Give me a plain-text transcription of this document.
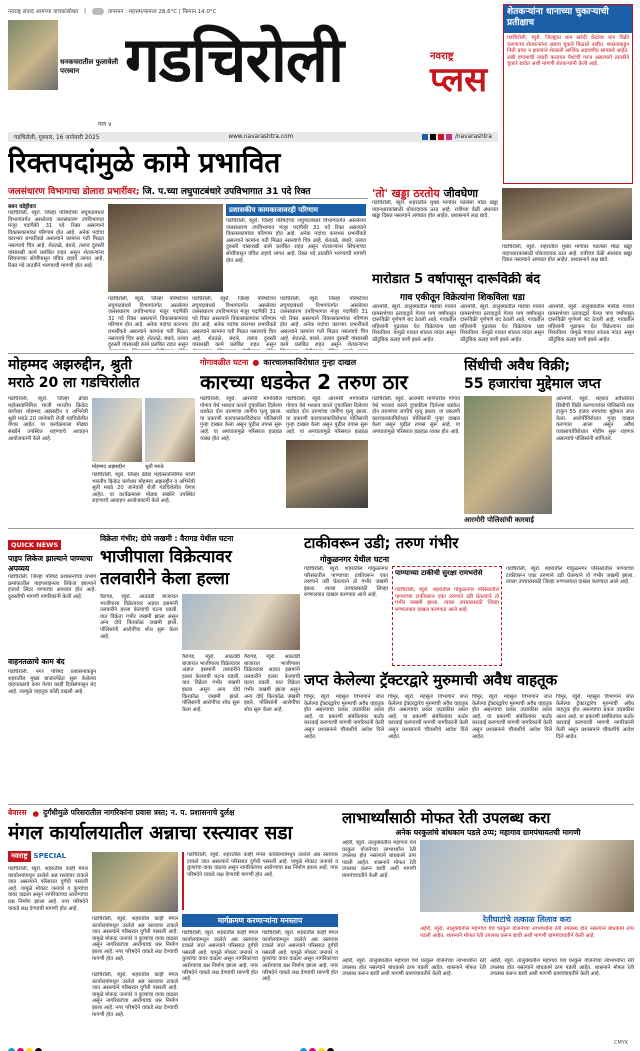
नवराष्ट्र संवाद आमच्या वाचकांसोबत |	तापमान : महत्तम/कमाल 28.6°C | किमान 14.0°C
धनकचरातील फुलावेली परस्वान गडचिरोली	नवराष्ट्र
प्लस
पान ४
शेतकऱ्यांना धानाच्या चुकाऱ्याची प्रतीक्षाच
गडचिरोली, ब्युरो. जिल्ह्यात धान खरेदी केंद्रांवर धान विक्री करणाऱ्या शेतकऱ्यांना अद्याप चुकारे मिळाले नाहीत. शासनाकडून निधी प्राप्त न झाल्याने शेतकरी आर्थिक अडचणीत सापडले आहेत. रब्बी हंगामाची तयारी करताना पैशांची गरज असल्याने तातडीने चुकारे द्यावेत अशी मागणी शेतकऱ्यांनी केली आहे.
गडचिरोली, गुरुवार, 16 जानेवारी 2025	www.navarashtra.com	/navarashtra
रिक्तपदांमुळे कामे प्रभावित
जलसंधारण विभागाचा डोलारा प्रभारींवर;
जि. प.च्या लघुपाटबंधारे उपविभागात 31 पदे रिक्त
बबन वडेट्टीवार
गडचिरोली, ब्युरो. जिल्हा परिषदेच्या लघुपाटबंधारे विभागांतर्गत असलेल्या जलसंधारण उपविभागात मंजूर पदांपैकी 31 पदे रिक्त असल्याने विकासकामांवर परिणाम होत आहे. अनेक पदांचा कारभार प्रभारींकडे असल्याने कामांना गती मिळत नसल्याचे चित्र आहे. शेततळे, बंधारे, तलाव दुरुस्ती यांसारखी कामे प्रलंबित राहत असून शेतकऱ्यांना सिंचनाच्या सोयींपासून वंचित राहावे लागत आहे. रिक्त पदे तातडीने भरण्याची मागणी होत आहे.
प्रशासकीय कामकाजावरही परिणाम
गडचिरोली, ब्युरो. जिल्हा परिषदेच्या लघुपाटबंधारे विभागांतर्गत असलेल्या जलसंधारण उपविभागात मंजूर पदांपैकी 31 पदे रिक्त असल्याने विकासकामांवर परिणाम होत आहे. अनेक पदांचा कारभार प्रभारींकडे असल्याने कामांना गती मिळत नसल्याचे चित्र आहे. शेततळे, बंधारे, तलाव दुरुस्ती यांसारखी कामे प्रलंबित राहत असून शेतकऱ्यांना सिंचनाच्या सोयींपासून वंचित राहावे लागत आहे. रिक्त पदे तातडीने भरण्याची मागणी होत आहे.
गडचिरोली, ब्युरो. जिल्हा परिषदेच्या लघुपाटबंधारे विभागांतर्गत असलेल्या जलसंधारण उपविभागात मंजूर पदांपैकी 31 पदे रिक्त असल्याने विकासकामांवर परिणाम होत आहे. अनेक पदांचा कारभार प्रभारींकडे असल्याने कामांना गती मिळत नसल्याचे चित्र आहे. शेततळे, बंधारे, तलाव दुरुस्ती यांसारखी कामे प्रलंबित राहत असून
गडचिरोली, ब्युरो. जिल्हा परिषदेच्या लघुपाटबंधारे विभागांतर्गत असलेल्या जलसंधारण उपविभागात मंजूर पदांपैकी 31 पदे रिक्त असल्याने विकासकामांवर परिणाम होत आहे. अनेक पदांचा कारभार प्रभारींकडे असल्याने कामांना गती मिळत नसल्याचे चित्र आहे. शेततळे, बंधारे, तलाव दुरुस्ती यांसारखी कामे प्रलंबित राहत असून
गडचिरोली, ब्युरो. जिल्हा परिषदेच्या लघुपाटबंधारे विभागांतर्गत असलेल्या जलसंधारण उपविभागात मंजूर पदांपैकी 31 पदे रिक्त असल्याने विकासकामांवर परिणाम होत आहे. अनेक पदांचा कारभार प्रभारींकडे असल्याने कामांना गती मिळत नसल्याचे चित्र आहे. शेततळे, बंधारे, तलाव दुरुस्ती यांसारखी कामे प्रलंबित राहत असून शेतकऱ्यांना
'तो' खड्डा ठरतोय
जीवघेणा
गडचिरोली, ब्युरो. शहरातील मुख्य मार्गावर पडलेला मोठा खड्डा वाहनधारकांसाठी धोकादायक ठरत आहे. रात्रीच्या वेळी अंधारात खड्डा दिसत नसल्याने अपघात होत आहेत. प्रशासनाने लक्ष द्यावे.
गडचिरोली, ब्युरो. शहरातील मुख्य मार्गावर पडलेला मोठा खड्डा वाहनधारकांसाठी धोकादायक ठरत आहे. रात्रीच्या वेळी अंधारात खड्डा दिसत नसल्याने अपघात होत आहेत. प्रशासनाने लक्ष द्यावे.
मारोडात 5 वर्षापासून दारूविक्री बंद
गाव एकीतून विक्रेत्यांना शिकविला धडा
आरमोरी, ब्युरो. तालुक्यातील मारोडा गावाने ग्रामसभेच्या ठरावाद्वारे गेल्या पाच वर्षांपासून दारूविक्री पूर्णपणे बंद ठेवली आहे. गावातील महिलांनी पुढाकार घेत विक्रेत्यांना धडा शिकविला. यामुळे गावात शांतता नांदत असून कौटुंबिक कलह कमी झाले आहेत.
आरमोरी, ब्युरो. तालुक्यातील मारोडा गावाने ग्रामसभेच्या ठरावाद्वारे गेल्या पाच वर्षांपासून दारूविक्री पूर्णपणे बंद ठेवली आहे. गावातील महिलांनी पुढाकार घेत विक्रेत्यांना धडा शिकविला. यामुळे गावात शांतता नांदत असून कौटुंबिक कलह कमी झाले आहेत.
आरमोरी, ब्युरो. तालुक्यातील मारोडा गावाने ग्रामसभेच्या ठरावाद्वारे गेल्या पाच वर्षांपासून दारूविक्री पूर्णपणे बंद ठेवली आहे. गावातील महिलांनी पुढाकार घेत विक्रेत्यांना धडा शिकविला. यामुळे गावात शांतता नांदत असून कौटुंबिक कलह कमी झाले आहेत.
मोहम्मद अझरुद्दीन, श्रुती
मराठे 20 ला गडचिरोलीत
गडचिरोली, ब्युरो. जिल्हा क्रीडा महोत्सवानिमित्त माजी भारतीय क्रिकेट कर्णधार मोहम्मद अझरुद्दीन व अभिनेत्री श्रुती मराठे 20 जानेवारी रोजी गडचिरोलीत येणार आहेत. या कार्यक्रमाला मोठ्या संख्येने उपस्थित राहण्याचे आवाहन आयोजकांनी केले आहे.
मोहम्मद अझरुद्दीन	श्रुती मराठे
गडचिरोली, ब्युरो. जिल्हा क्रीडा महोत्सवानिमित्त माजी भारतीय क्रिकेट कर्णधार मोहम्मद अझरुद्दीन व अभिनेत्री श्रुती मराठे 20 जानेवारी रोजी गडचिरोलीत येणार आहेत. या कार्यक्रमाला मोठ्या संख्येने उपस्थित राहण्याचे आवाहन आयोजकांनी केले आहे.
गोगावळीत घटना ● कारचालकाविरोधात गुन्हा दाखल
कारच्या धडकेत 2 तरुण ठार
गडचिरोली, ब्युरो. आरमोरी मार्गावरील गोगाव येथे भरधाव कारने दुचाकीला दिलेल्या धडकेत दोन तरुणांचा जागीच मृत्यू झाला. या प्रकरणी कारचालकाविरोधात पोलिसांनी गुन्हा दाखल केला असून पुढील तपास सुरू आहे. या अपघातामुळे परिसरात हळहळ व्यक्त होत आहे.
गडचिरोली, ब्युरो. आरमोरी मार्गावरील गोगाव येथे भरधाव कारने दुचाकीला दिलेल्या धडकेत दोन तरुणांचा जागीच मृत्यू झाला. या प्रकरणी कारचालकाविरोधात पोलिसांनी गुन्हा दाखल केला असून पुढील तपास सुरू आहे. या अपघातामुळे परिसरात हळहळ
गडचिरोली, ब्युरो. आरमोरी मार्गावरील गोगाव येथे भरधाव कारने दुचाकीला दिलेल्या धडकेत दोन तरुणांचा जागीच मृत्यू झाला. या प्रकरणी कारचालकाविरोधात पोलिसांनी गुन्हा दाखल केला असून पुढील तपास सुरू आहे. या अपघातामुळे परिसरात हळहळ व्यक्त होत आहे.
सिंधीची अवैध विक्री;
55 हजारांचा मुद्देमाल जप्त
आरमोरी पोलिसांची कारवाई
आरमोरी, ब्युरो. शहरात अवैधरीत्या सिंधीची विक्री करणाऱ्यांवर पोलिसांनी धाड टाकून 55 हजार रुपयांचा मुद्देमाल जप्त केला. आरोपींविरोधात गुन्हा दाखल करण्यात आला असून अवैध व्यवसायांविरोधात मोहीम सुरू राहणार असल्याचे पोलिसांनी सांगितले.
QUICK NEWS
पाइप लिकेज झाल्याने पाण्याचा अपव्यय
गडचिरोली. जिल्हा परिषद प्रशासनाच्या प्रभाग क्रमांकातील पाइपलाइनला लिकेज झाल्याने हजारो लिटर पाण्याचा अपव्यय होत आहे. दुरुस्तीची मागणी नागरिकांनी केली आहे.
वाहनतळाचे काम बंद
गडचिरोली. नगर परिषद प्रशासनाकडून शहरातील मुख्य बाजारपेठेत सुरू केलेल्या वाहनतळाचे काम गेल्या काही दिवसांपासून बंद आहे. त्यामुळे वाहतूक कोंडी वाढली आहे.
विक्रेता गंभीर; दोघे जखमी : वैरागड येथील घटना
भाजीपाला विक्रेत्यावर
तलवारीने केला हल्ला
वैरागड, ब्युरो. आठवडी बाजारात भाजीपाला विक्रेत्यावर अज्ञात इसमांनी तलवारीने हल्ला केल्याची घटना घडली. यात विक्रेता गंभीर जखमी झाला असून अन्य दोघे किरकोळ जखमी झाले. पोलिसांनी आरोपींचा शोध सुरू केला आहे.
वैरागड, ब्युरो. आठवडी बाजारात भाजीपाला विक्रेत्यावर अज्ञात इसमांनी तलवारीने हल्ला केल्याची घटना घडली. यात विक्रेता गंभीर जखमी झाला असून अन्य दोघे किरकोळ जखमी झाले. पोलिसांनी आरोपींचा शोध सुरू केला आहे.
वैरागड, ब्युरो. आठवडी बाजारात भाजीपाला विक्रेत्यावर अज्ञात इसमांनी तलवारीने हल्ला केल्याची घटना घडली. यात विक्रेता गंभीर जखमी झाला असून अन्य दोघे किरकोळ जखमी झाले. पोलिसांनी आरोपींचा शोध सुरू केला आहे.
टाकीवरून उडी; तरुण गंभीर
गोकुळनगर येथील घटना
गडचिरोली, ब्युरो. शहरातील गोकुळनगर परिसरातील पाण्याच्या टाकीवरून एका तरुणाने उडी घेतल्याने तो गंभीर जखमी झाला. त्याला उपचारासाठी जिल्हा रुग्णालयात दाखल करण्यात आले आहे.
पाण्याच्या टाकीची सुरक्षा रामभरोसे
गडचिरोली, ब्युरो. शहरातील गोकुळनगर परिसरातील पाण्याच्या टाकीवरून एका तरुणाने उडी घेतल्याने तो गंभीर जखमी झाला. त्याला उपचारासाठी जिल्हा रुग्णालयात दाखल करण्यात आले आहे.
गडचिरोली, ब्युरो. शहरातील गोकुळनगर परिसरातील पाण्याच्या टाकीवरून एका तरुणाने उडी घेतल्याने तो गंभीर जखमी झाला. त्याला उपचारासाठी जिल्हा रुग्णालयात दाखल करण्यात आले आहे.
जप्त केलेल्या ट्रॅक्टरद्वारे मुरुमाची अवैध वाहतूक
चिमूर, ब्युरो. महसूल विभागाने जप्त केलेल्या ट्रॅक्टरद्वारेच मुरुमाची अवैध वाहतूक होत असल्याचा प्रकार उघडकीस आला आहे. या प्रकरणी संबंधितांवर कठोर कारवाई करण्याची मागणी नागरिकांनी केली असून प्रशासनाने चौकशीचे आदेश दिले आहेत.
चिमूर, ब्युरो. महसूल विभागाने जप्त केलेल्या ट्रॅक्टरद्वारेच मुरुमाची अवैध वाहतूक होत असल्याचा प्रकार उघडकीस आला आहे. या प्रकरणी संबंधितांवर कठोर कारवाई करण्याची मागणी नागरिकांनी केली असून प्रशासनाने चौकशीचे आदेश दिले आहेत.
चिमूर, ब्युरो. महसूल विभागाने जप्त केलेल्या ट्रॅक्टरद्वारेच मुरुमाची अवैध वाहतूक होत असल्याचा प्रकार उघडकीस आला आहे. या प्रकरणी संबंधितांवर कठोर कारवाई करण्याची मागणी नागरिकांनी केली असून प्रशासनाने चौकशीचे आदेश दिले आहेत.
चिमूर, ब्युरो. महसूल विभागाने जप्त केलेल्या ट्रॅक्टरद्वारेच मुरुमाची अवैध वाहतूक होत असल्याचा प्रकार उघडकीस आला आहे. या प्रकरणी संबंधितांवर कठोर कारवाई करण्याची मागणी नागरिकांनी केली असून प्रशासनाने चौकशीचे आदेश दिले आहेत.
बेवारस ● दुर्गंधीमुळे परिसरातील नागरिकांना प्रवास त्रस्त; न. प. प्रशासनाचे दुर्लक्ष
मंगल कार्यालयातील अन्नाचा रस्त्यावर सडा
नवराष्ट्र SPECIAL
गडचिरोली, ब्युरो. शहरातील काही मंगल कार्यालयांमधून उरलेले अन्न रस्त्यावर टाकले जात असल्याने परिसरात दुर्गंधी पसरली आहे. यामुळे मोकाट जनावरे व कुत्र्यांचा वावर वाढला असून नागरिकांच्या आरोग्याचा प्रश्न निर्माण झाला आहे. नगर परिषदेने याकडे लक्ष देण्याची मागणी होत आहे.
गडचिरोली, ब्युरो. शहरातील काही मंगल कार्यालयांमधून उरलेले अन्न रस्त्यावर टाकले जात असल्याने परिसरात दुर्गंधी पसरली आहे. यामुळे मोकाट जनावरे व कुत्र्यांचा वावर वाढला असून नागरिकांच्या आरोग्याचा प्रश्न निर्माण झाला आहे. नगर परिषदेने याकडे लक्ष देण्याची मागणी होत आहे.
गडचिरोली, ब्युरो. शहरातील काही मंगल कार्यालयांमधून उरलेले अन्न रस्त्यावर टाकले जात असल्याने परिसरात दुर्गंधी पसरली आहे. यामुळे मोकाट जनावरे व कुत्र्यांचा वावर वाढला असून नागरिकांच्या आरोग्याचा प्रश्न निर्माण झाला आहे. नगर परिषदेने याकडे लक्ष देण्याची मागणी होत आहे.
मार्गक्रमण करणाऱ्यांना मनस्ताप
गडचिरोली, ब्युरो. शहरातील काही मंगल कार्यालयांमधून उरलेले अन्न रस्त्यावर टाकले जात असल्याने परिसरात दुर्गंधी पसरली आहे. यामुळे मोकाट जनावरे व कुत्र्यांचा वावर वाढला असून नागरिकांच्या आरोग्याचा प्रश्न निर्माण झाला आहे. नगर परिषदेने याकडे लक्ष देण्याची मागणी होत आहे.
गडचिरोली, ब्युरो. शहरातील काही मंगल कार्यालयांमधून उरलेले अन्न रस्त्यावर टाकले जात असल्याने परिसरात दुर्गंधी पसरली आहे. यामुळे मोकाट जनावरे व कुत्र्यांचा वावर वाढला असून नागरिकांच्या आरोग्याचा प्रश्न निर्माण झाला आहे. नगर परिषदेने याकडे लक्ष देण्याची मागणी होत आहे.
गडचिरोली, ब्युरो. शहरातील काही मंगल कार्यालयांमधून उरलेले अन्न रस्त्यावर टाकले जात असल्याने परिसरात दुर्गंधी पसरली आहे. यामुळे मोकाट जनावरे व कुत्र्यांचा वावर वाढला असून नागरिकांच्या आरोग्याचा प्रश्न निर्माण झाला आहे. नगर परिषदेने याकडे लक्ष देण्याची मागणी होत आहे.
लाभार्थ्यांसाठी मोफत रेती उपलब्ध करा
अनेक घरकुलांचे बांधकाम पडले ठप्प; महागाव ग्रामपंचायतची मागणी
अहेरी, ब्युरो. तालुक्यातील महागाव येथे घरकुल योजनेच्या लाभार्थ्यांना रेती उपलब्ध होत नसल्याने बांधकामे ठप्प पडली आहेत. शासनाने मोफत रेती उपलब्ध करून द्यावी अशी मागणी ग्रामपंचायतीने केली आहे.
रेतीघाटांचे तत्काळ लिलाव करा
अहेरी, ब्युरो. तालुक्यातील महागाव येथे घरकुल योजनेच्या लाभार्थ्यांना रेती उपलब्ध होत नसल्याने बांधकामे ठप्प पडली आहेत. शासनाने मोफत रेती उपलब्ध करून द्यावी अशी मागणी ग्रामपंचायतीने केली आहे.
अहेरी, ब्युरो. तालुक्यातील महागाव येथे घरकुल योजनेच्या लाभार्थ्यांना रेती उपलब्ध होत नसल्याने बांधकामे ठप्प पडली आहेत. शासनाने मोफत रेती उपलब्ध करून द्यावी अशी मागणी ग्रामपंचायतीने केली आहे.
अहेरी, ब्युरो. तालुक्यातील महागाव येथे घरकुल योजनेच्या लाभार्थ्यांना रेती उपलब्ध होत नसल्याने बांधकामे ठप्प पडली आहेत. शासनाने मोफत रेती उपलब्ध करून द्यावी अशी मागणी ग्रामपंचायतीने केली आहे.
CMYK
